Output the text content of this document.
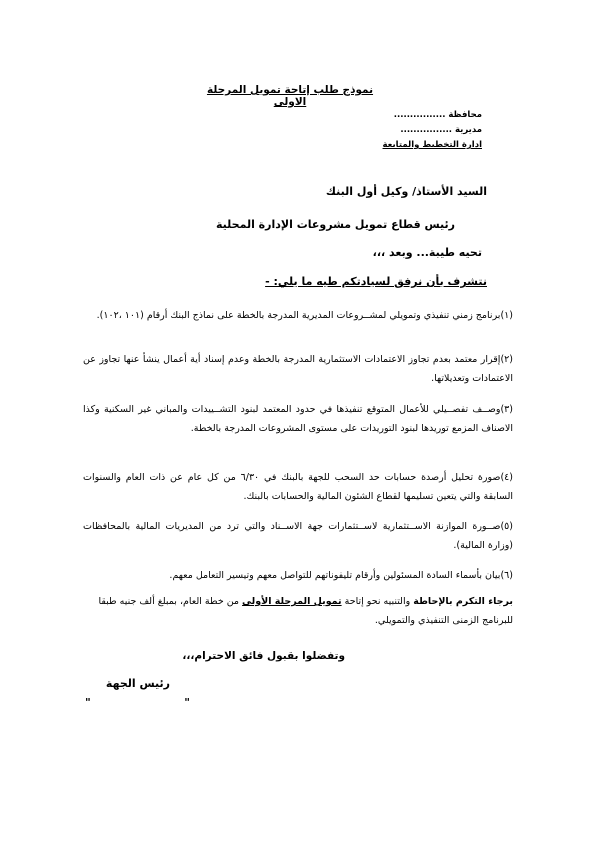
نموذج طلب إتاحة تمويل المرحلة الاولى
محافظة ................
مديرية ................
ادارة التخطيط والمتابعة
السيد الأستاذ/ وكيل أول البنك
رئيس قطاع تمويل مشروعات الإدارة المحلية
تحيه طيبة... وبعد ،،،
نتشرف بأن نرفق لسيادتكم طيه ما يلي: -
(١)برنامج زمني تنفيذي وتمويلي لمشــروعات المديرية المدرجة بالخطة على نماذج البنك أرقام (١٠١ ،١٠٢).
(٢)إقرار معتمد بعدم تجاوز الاعتمادات الاستثمارية المدرجة بالخطة وعدم إسناد أية أعمال ينشأ عنها تجاوز عن الاعتمادات وتعديلاتها.
(٣)وصــف تفصــيلي للأعمال المتوقع تنفيذها في حدود المعتمد لبنود التشــييدات والمباني غير السكنية وكذا الاصناف المزمع توريدها لبنود التوريدات على مستوى المشروعات المدرجة بالخطة.
(٤)صورة تحليل أرصدة حسابات حد السحب للجهة بالبنك في ٦/٣٠ من كل عام عن ذات العام والسنوات السابقة والتي يتعين تسليمها لقطاع الشئون المالية والحسابات بالبنك.
(٥)صــورة الموازنة الاســتثمارية لاســتثمارات جهة الاســناد والتي ترد من المديريات المالية بالمحافظات (وزارة المالية).
(٦)بيان بأسماء السادة المسئولين وأرقام تليفوناتهم للتواصل معهم وتيسير التعامل معهم.
برجاء التكرم بالإحاطة والتنبيه نحو إتاحة تمويل المرحلة الأولى من خطة العام، بمبلغ ألف جنيه طبقا للبرنامج الزمنى التنفيذي والتمويلي.
وتفضلوا بقبول فائق الاحترام،،،
رئيس الجهة
"
"
